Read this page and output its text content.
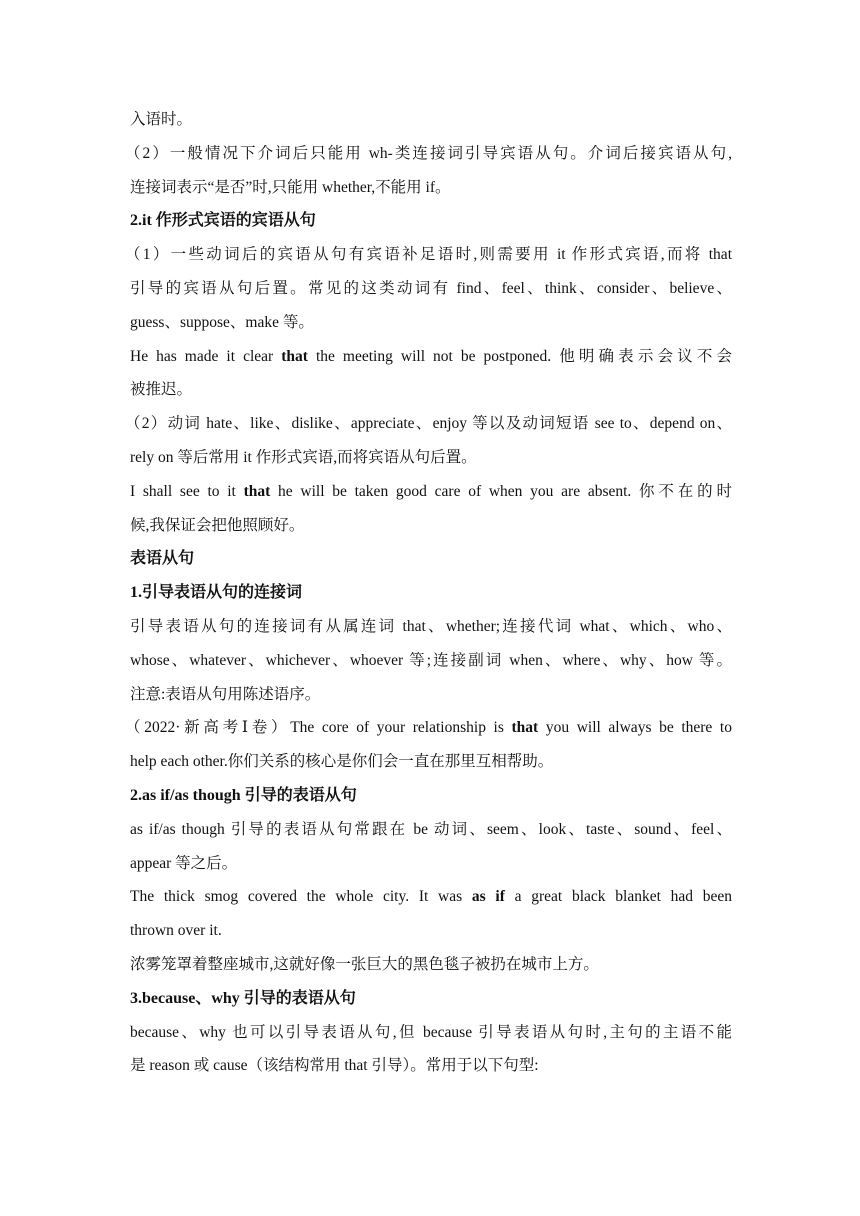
入语时。
（2）一般情况下介词后只能用 wh-类连接词引导宾语从句。介词后接宾语从句,
连接词表示“是否”时,只能用 whether,不能用 if。
2.it 作形式宾语的宾语从句
（1）一些动词后的宾语从句有宾语补足语时,则需要用 it 作形式宾语,而将 that
引导的宾语从句后置。常见的这类动词有 find、feel、think、consider、believe、
guess、suppose、make 等。
He has made it clear that the meeting will not be postponed. 他明确表示会议不会
被推迟。
（2）动词 hate、like、dislike、appreciate、enjoy 等以及动词短语 see to、depend on、
rely on 等后常用 it 作形式宾语,而将宾语从句后置。
I shall see to it that he will be taken good care of when you are absent. 你不在的时
候,我保证会把他照顾好。
表语从句
1.引导表语从句的连接词
引导表语从句的连接词有从属连词 that、whether;连接代词 what、which、who、
whose、whatever、whichever、whoever 等;连接副词 when、where、why、how 等。
注意:表语从句用陈述语序。
（2022·新高考Ⅰ卷）The core of your relationship is that you will always be there to
help each other.你们关系的核心是你们会一直在那里互相帮助。
2.as if/as though 引导的表语从句
as if/as though 引导的表语从句常跟在 be 动词、seem、look、taste、sound、feel、
appear 等之后。
The thick smog covered the whole city. It was as if a great black blanket had been
thrown over it.
浓雾笼罩着整座城市,这就好像一张巨大的黑色毯子被扔在城市上方。
3.because、why 引导的表语从句
because、why 也可以引导表语从句,但 because 引导表语从句时,主句的主语不能
是 reason 或 cause（该结构常用 that 引导）。常用于以下句型:
